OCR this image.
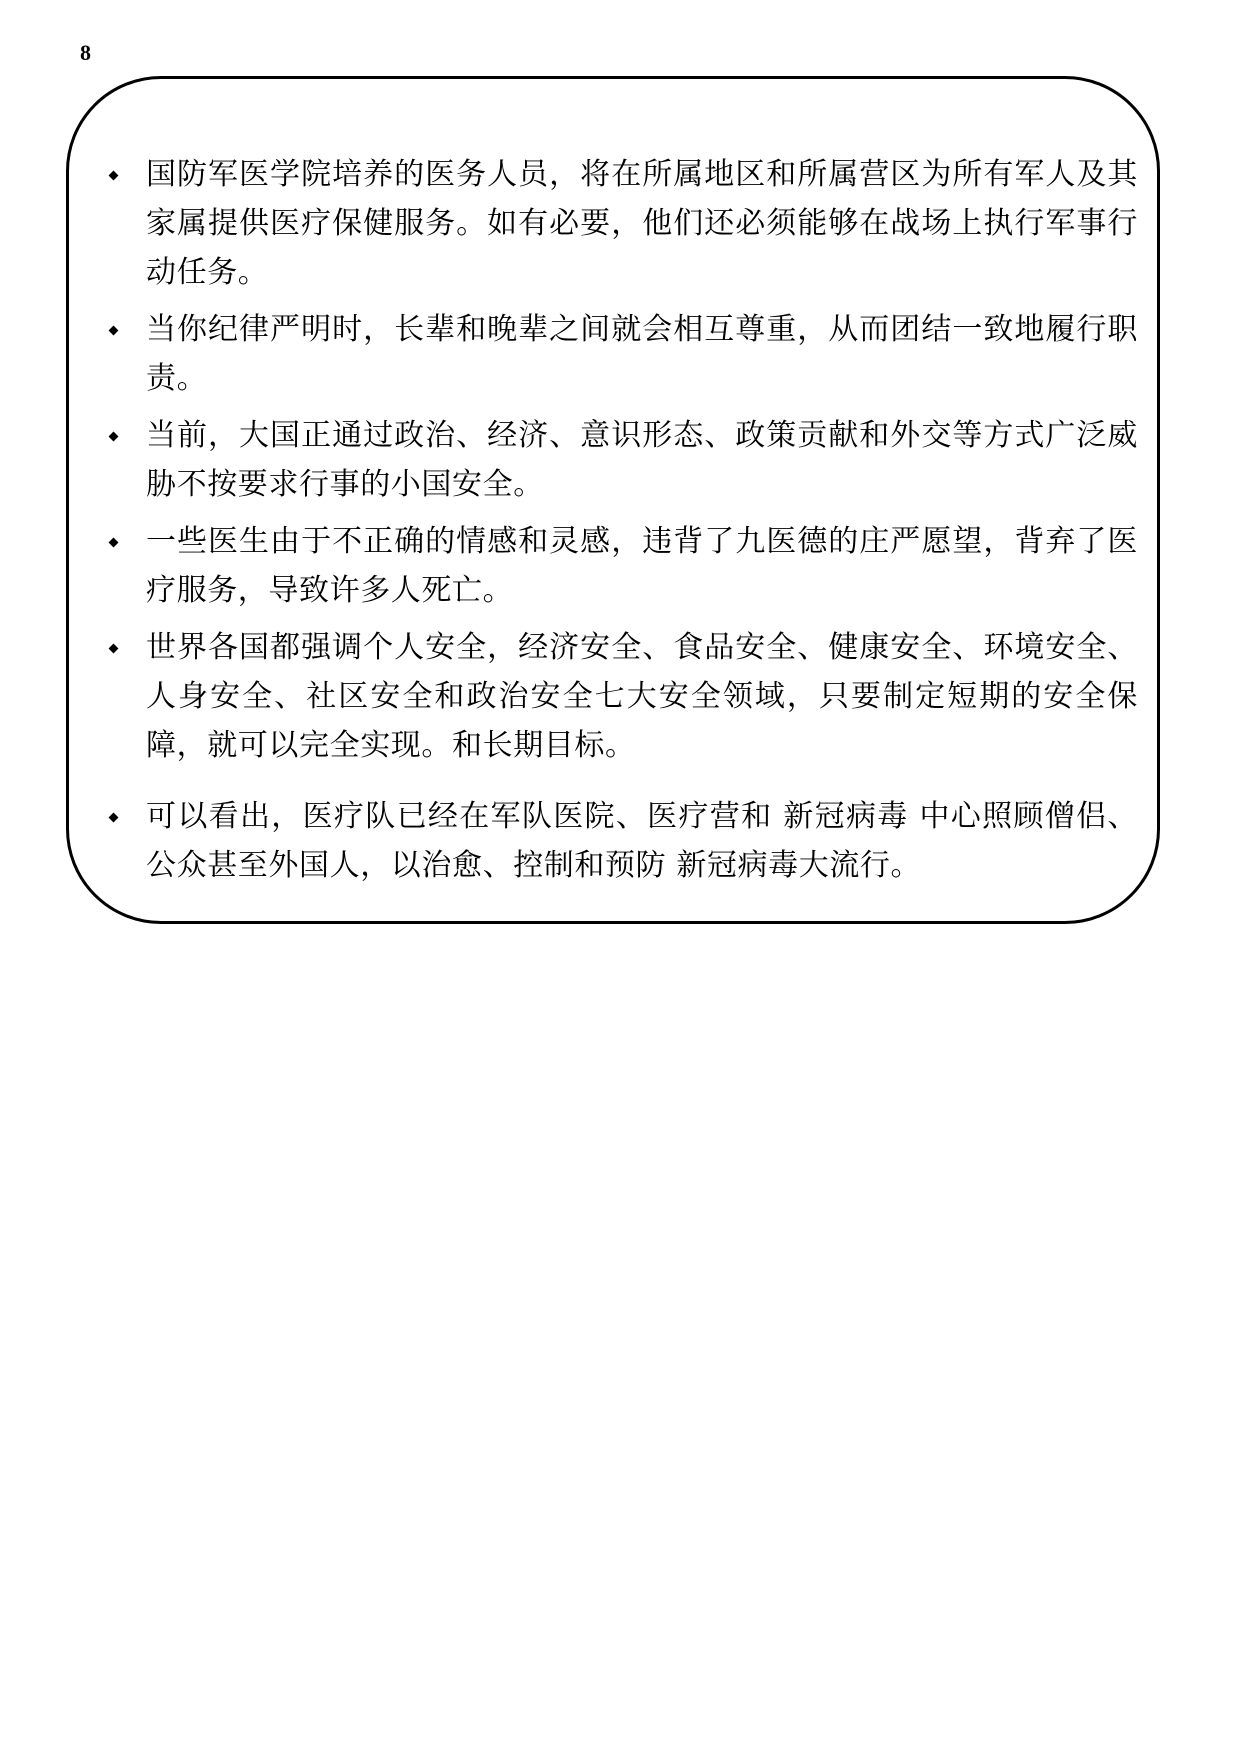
8

国防军医学院培养的医务人员，将在所属地区和所属营区为所有军人及其家属提供医疗保健服务。如有必要，他们还必须能够在战场上执行军事行动任务。

当你纪律严明时，长辈和晚辈之间就会相互尊重，从而团结一致地履行职责。

当前，大国正通过政治、经济、意识形态、政策贡献和外交等方式广泛威胁不按要求行事的小国安全。

一些医生由于不正确的情感和灵感，违背了九医德的庄严愿望，背弃了医疗服务，导致许多人死亡。

世界各国都强调个人安全，经济安全、食品安全、健康安全、环境安全、人身安全、社区安全和政治安全七大安全领域，只要制定短期的安全保障，就可以完全实现。和长期目标。

可以看出，医疗队已经在军队医院、医疗营和 新冠病毒 中心照顾僧侣、公众甚至外国人，以治愈、控制和预防 新冠病毒大流行。
